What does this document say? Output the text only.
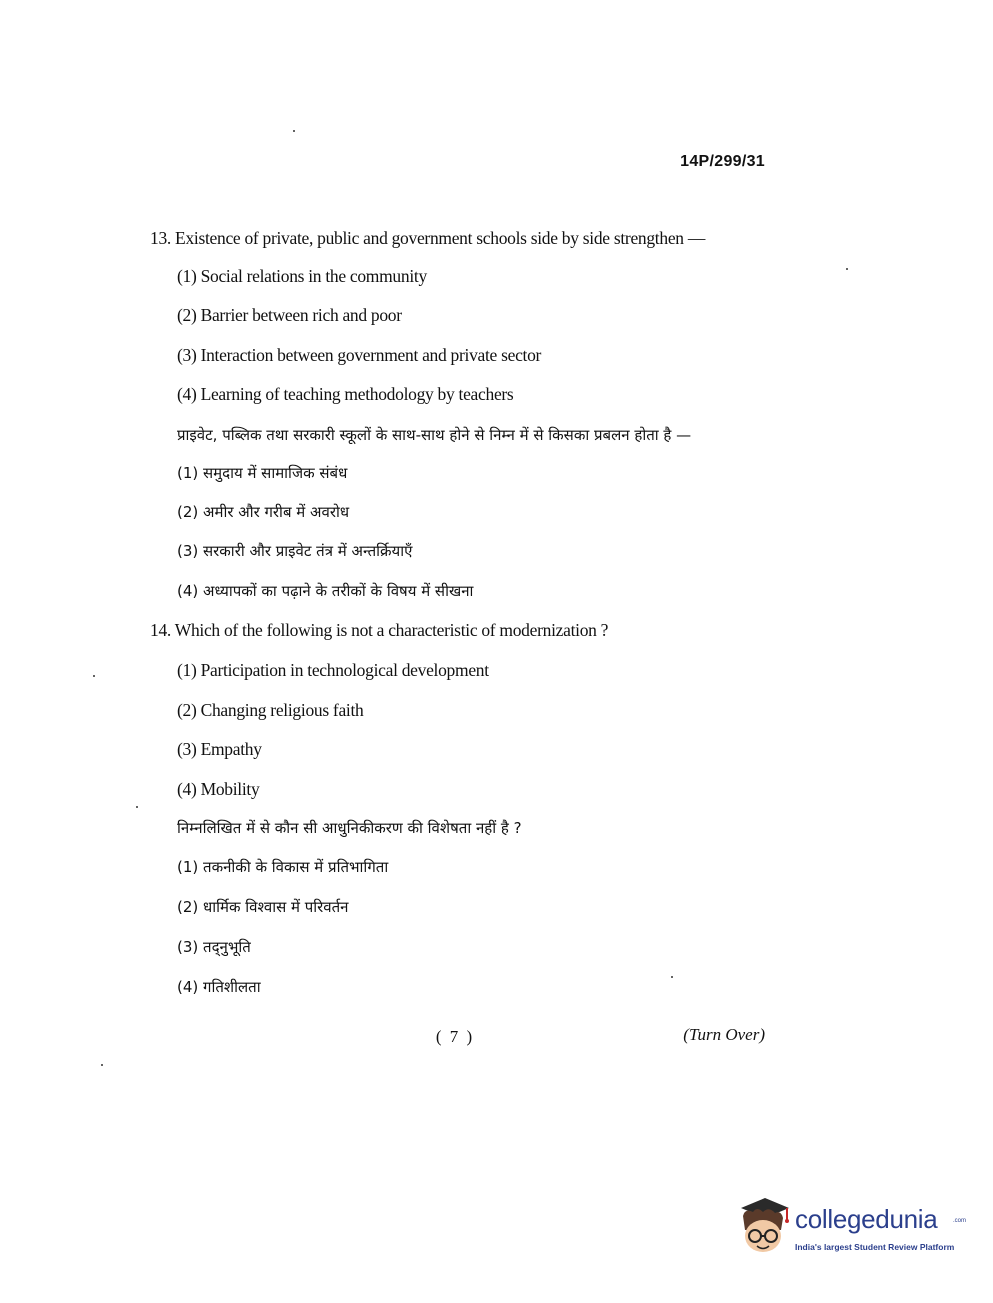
14P/299/31
13. Existence of private, public and government schools side by side strengthen —
(1) Social relations in the community
(2) Barrier between rich and poor
(3) Interaction between government and private sector
(4) Learning of teaching methodology by teachers
प्राइवेट, पब्लिक तथा सरकारी स्कूलों के साथ-साथ होने से निम्न में से किसका प्रबलन होता है —
(1) समुदाय में सामाजिक संबंध
(2) अमीर और गरीब में अवरोध
(3) सरकारी और प्राइवेट तंत्र में अन्तर्क्रियाएँ
(4) अध्यापकों का पढ़ाने के तरीकों के विषय में सीखना
14. Which of the following is not a characteristic of modernization ?
(1) Participation in technological development
(2) Changing religious faith
(3) Empathy
(4) Mobility
निम्नलिखित में से कौन सी आधुनिकीकरण की विशेषता नहीं है ?
(1) तकनीकी के विकास में प्रतिभागिता
(2) धार्मिक विश्वास में परिवर्तन
(3) तद्नुभूति
(4) गतिशीलता
( 7 )	(Turn Over)
collegedunia	.com
India's largest Student Review Platform
